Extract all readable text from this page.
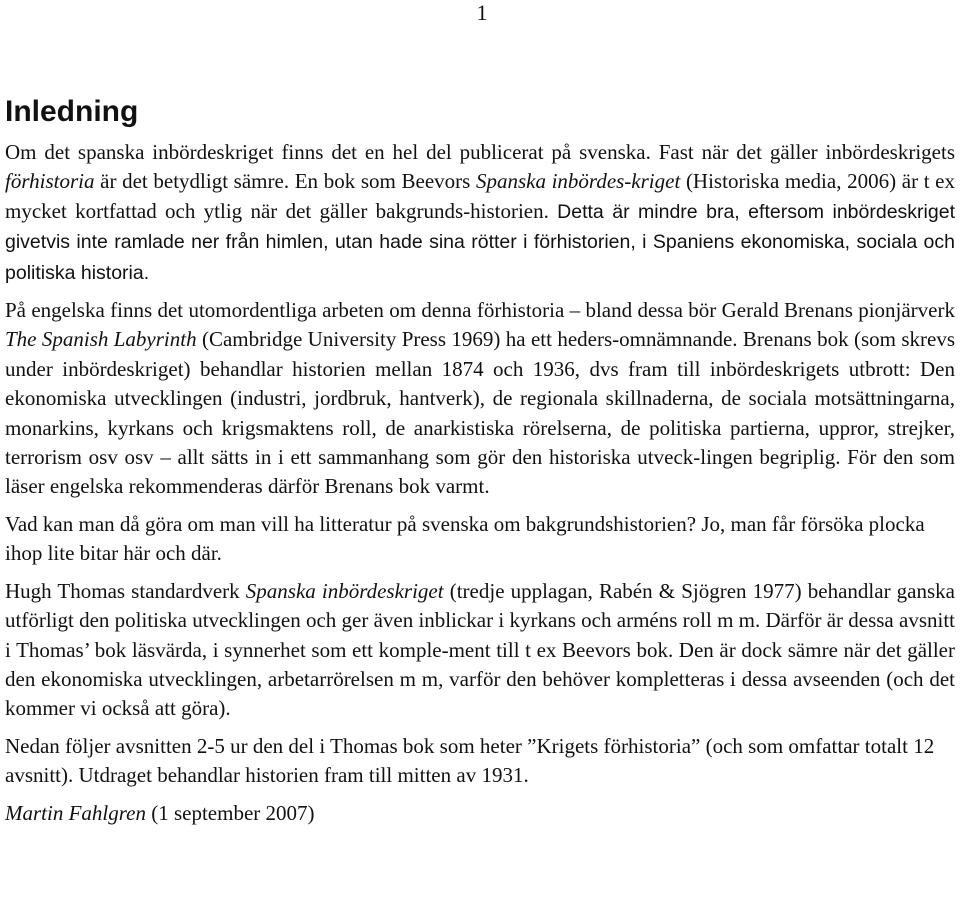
1
Inledning

Om det spanska inbördeskriget finns det en hel del publicerat på svenska. Fast när det gäller inbördeskrigets förhistoria är det betydligt sämre. En bok som Beevors Spanska inbördes-kriget (Historiska media, 2006) är t ex mycket kortfattad och ytlig när det gäller bakgrunds-historien. Detta är mindre bra, eftersom inbördeskriget givetvis inte ramlade ner från himlen, utan hade sina rötter i förhistorien, i Spaniens ekonomiska, sociala och politiska historia.

På engelska finns det utomordentliga arbeten om denna förhistoria – bland dessa bör Gerald Brenans pionjärverk The Spanish Labyrinth (Cambridge University Press 1969) ha ett heders-omnämnande. Brenans bok (som skrevs under inbördeskriget) behandlar historien mellan 1874 och 1936, dvs fram till inbördeskrigets utbrott: Den ekonomiska utvecklingen (industri, jordbruk, hantverk), de regionala skillnaderna, de sociala motsättningarna, monarkins, kyrkans och krigsmaktens roll, de anarkistiska rörelserna, de politiska partierna, uppror, strejker, terrorism osv osv – allt sätts in i ett sammanhang som gör den historiska utveck-lingen begriplig. För den som läser engelska rekommenderas därför Brenans bok varmt.

Vad kan man då göra om man vill ha litteratur på svenska om bakgrundshistorien? Jo, man får försöka plocka ihop lite bitar här och där.

Hugh Thomas standardverk Spanska inbördeskriget (tredje upplagan, Rabén & Sjögren 1977) behandlar ganska utförligt den politiska utvecklingen och ger även inblickar i kyrkans och arméns roll m m. Därför är dessa avsnitt i Thomas’ bok läsvärda, i synnerhet som ett komple-ment till t ex Beevors bok. Den är dock sämre när det gäller den ekonomiska utvecklingen, arbetarrörelsen m m, varför den behöver kompletteras i dessa avseenden (och det kommer vi också att göra).

Nedan följer avsnitten 2-5 ur den del i Thomas bok som heter ”Krigets förhistoria” (och som omfattar totalt 12 avsnitt). Utdraget behandlar historien fram till mitten av 1931.

Martin Fahlgren (1 september 2007)
